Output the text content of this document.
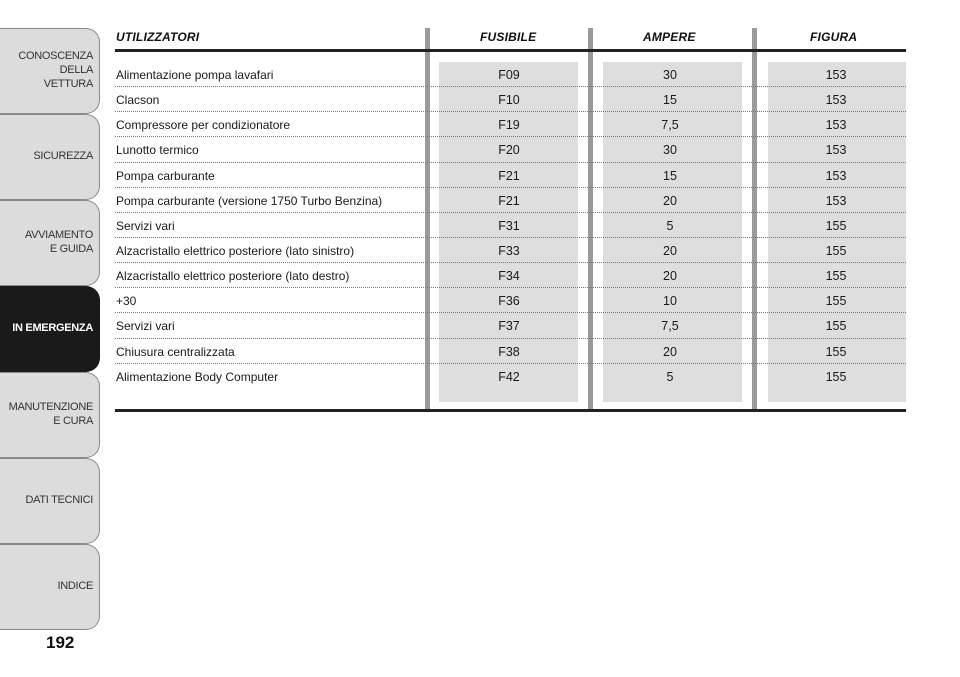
CONOSCENZA
DELLA
VETTURA
SICUREZZA
AVVIAMENTO
E GUIDA
IN EMERGENZA
MANUTENZIONE
E CURA
DATI TECNICI
INDICE
192
UTILIZZATORI	FUSIBILE	AMPERE	FIGURA
Alimentazione pompa lavafari	F09	30	153
Clacson	F10	15	153
Compressore per condizionatore	F19	7,5	153
Lunotto termico	F20	30	153
Pompa carburante	F21	15	153
Pompa carburante (versione 1750 Turbo Benzina)	F21	20	153
Servizi vari	F31	5	155
Alzacristallo elettrico posteriore (lato sinistro)	F33	20	155
Alzacristallo elettrico posteriore (lato destro)	F34	20	155
+30	F36	10	155
Servizi vari	F37	7,5	155
Chiusura centralizzata	F38	20	155
Alimentazione Body Computer	F42	5	155
